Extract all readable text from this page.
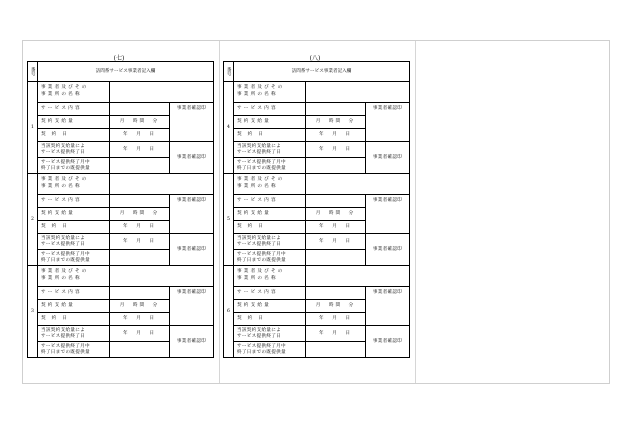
(七)	(八)
番号	訪問系サービス事業者記入欄		
1	事業者及びその
事業所の名称		

	サービス内容		事業者確認印
	契約支給量	月　時間　分	
	契約日	年　月　日	

	当該契約支給量によ
サービス提供終了日	年　月　日	事業者確認印

	サービス提供終了月中
終了日までの既提供量		

2	事業者及びその
事業所の名称		

	サービス内容		事業者確認印
	契約支給量	月　時間　分	
	契約日	年　月　日	

	当該契約支給量によ
サービス提供終了日	年　月　日	事業者確認印

	サービス提供終了月中
終了日までの既提供量		

3	事業者及びその
事業所の名称		

	サービス内容		事業者確認印
	契約支給量	月　時間　分	
	契約日	年　月　日	

	当該契約支給量によ
サービス提供終了日	年　月　日	事業者確認印

	サービス提供終了月中
終了日までの既提供量		

番号	訪問系サービス事業者記入欄		
4	事業者及びその
事業所の名称		

	サービス内容		事業者確認印
	契約支給量	月　時間　分	
	契約日	年　月　日	

	当該契約支給量によ
サービス提供終了日	年　月　日	事業者確認印

	サービス提供終了月中
終了日までの既提供量		

5	事業者及びその
事業所の名称		

	サービス内容		事業者確認印
	契約支給量	月　時間　分	
	契約日	年　月　日	

	当該契約支給量によ
サービス提供終了日	年　月　日	事業者確認印

	サービス提供終了月中
終了日までの既提供量		

6	事業者及びその
事業所の名称		

	サービス内容		事業者確認印
	契約支給量	月　時間　分	
	契約日	年　月　日	

	当該契約支給量によ
サービス提供終了日	年　月　日	事業者確認印

	サービス提供終了月中
終了日までの既提供量		
